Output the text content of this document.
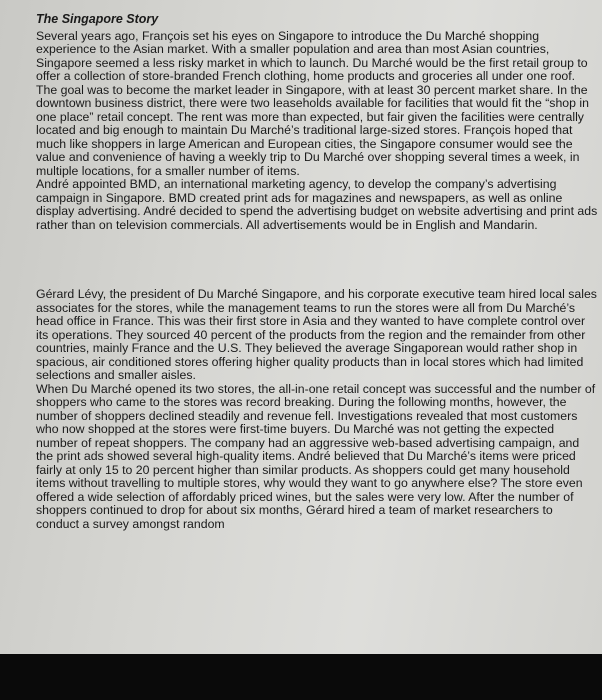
The Singapore Story

Several years ago, François set his eyes on Singapore to introduce the Du Marché shopping experience to the Asian market. With a smaller population and area than most Asian countries, Singapore seemed a less risky market in which to launch. Du Marché would be the first retail group to offer a collection of store-branded French clothing, home products and groceries all under one roof. The goal was to become the market leader in Singapore, with at least 30 percent market share. In the downtown business district, there were two leaseholds available for facilities that would fit the “shop in one place” retail concept. The rent was more than expected, but fair given the facilities were centrally located and big enough to maintain Du Marché’s traditional large-sized stores. François hoped that much like shoppers in large American and European cities, the Singapore consumer would see the value and convenience of having a weekly trip to Du Marché over shopping several times a week, in multiple locations, for a smaller number of items.

André appointed BMD, an international marketing agency, to develop the company’s advertising campaign in Singapore. BMD created print ads for magazines and newspapers, as well as online display advertising. André decided to spend the advertising budget on website advertising and print ads rather than on television commercials. All advertisements would be in English and Mandarin.

Gérard Lévy, the president of Du Marché Singapore, and his corporate executive team hired local sales associates for the stores, while the management teams to run the stores were all from Du Marché’s head office in France. This was their first store in Asia and they wanted to have complete control over its operations. They sourced 40 percent of the products from the region and the remainder from other countries, mainly France and the U.S. They believed the average Singaporean would rather shop in spacious, air conditioned stores offering higher quality products than in local stores which had limited selections and smaller aisles.

When Du Marché opened its two stores, the all-in-one retail concept was successful and the number of shoppers who came to the stores was record breaking. During the following months, however, the number of shoppers declined steadily and revenue fell. Investigations revealed that most customers who now shopped at the stores were first-time buyers. Du Marché was not getting the expected number of repeat shoppers. The company had an aggressive web-based advertising campaign, and the print ads showed several high-quality items. André believed that Du Marché’s items were priced fairly at only 15 to 20 percent higher than similar products. As shoppers could get many household items without travelling to multiple stores, why would they want to go anywhere else? The store even offered a wide selection of affordably priced wines, but the sales were very low. After the number of shoppers continued to drop for about six months, Gérard hired a team of market researchers to conduct a survey amongst random
